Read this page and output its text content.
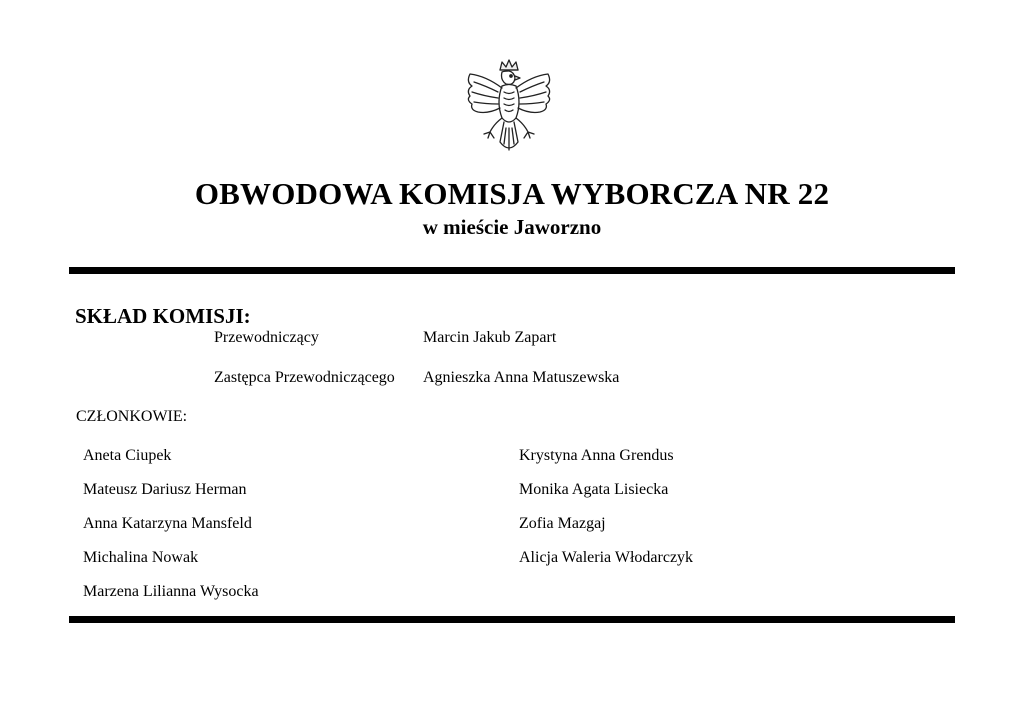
OBWODOWA KOMISJA WYBORCZA NR 22
w mieście Jaworzno
SKŁAD KOMISJI:
Przewodniczący	Marcin Jakub Zapart
Zastępca Przewodniczącego Agnieszka Anna Matuszewska
CZŁONKOWIE:
Aneta Ciupek
Mateusz Dariusz Herman
Anna Katarzyna Mansfeld
Michalina Nowak
Marzena Lilianna Wysocka
Krystyna Anna Grendus
Monika Agata Lisiecka
Zofia Mazgaj
Alicja Waleria Włodarczyk
